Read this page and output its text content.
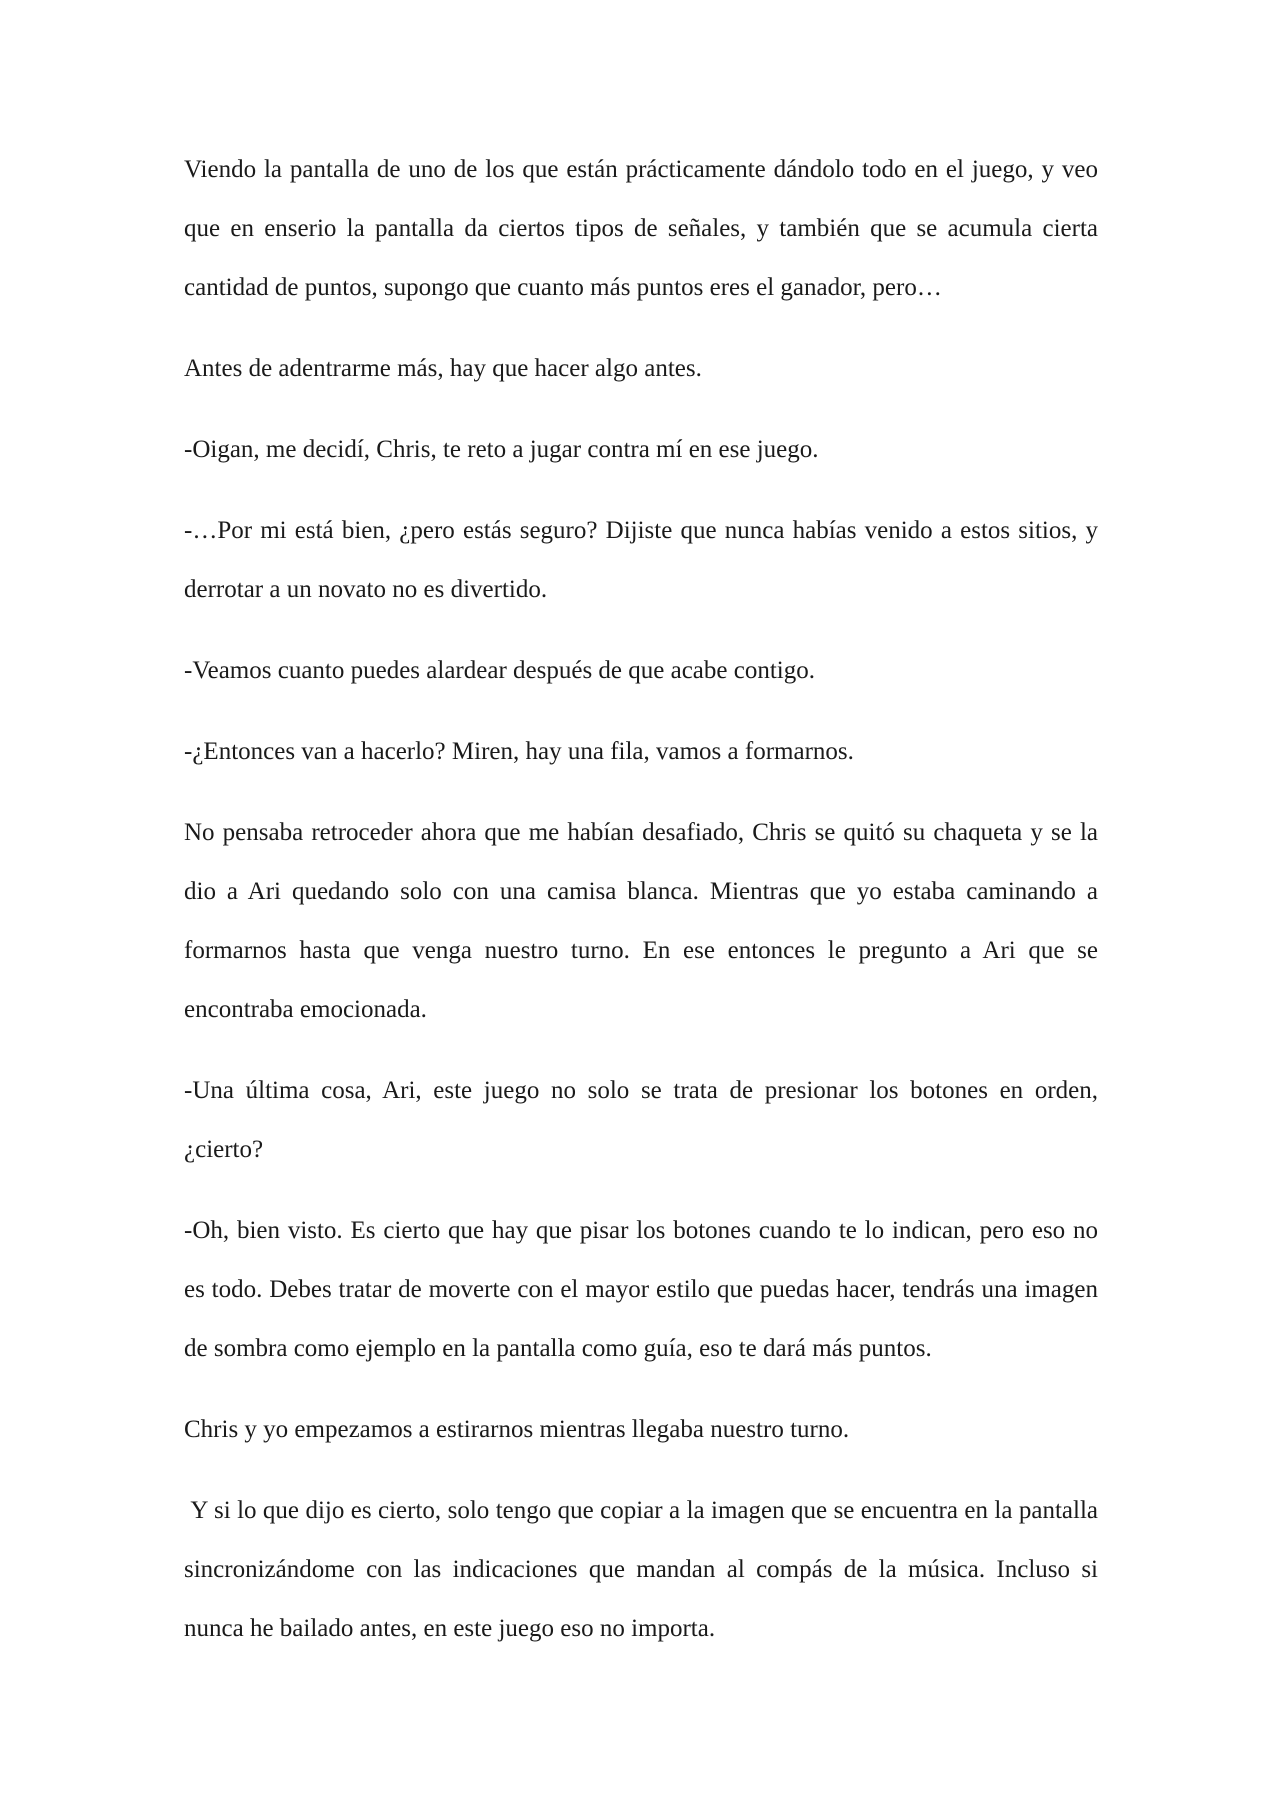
Viendo la pantalla de uno de los que están prácticamente dándolo todo en el juego, y veo que en enserio la pantalla da ciertos tipos de señales, y también que se acumula cierta cantidad de puntos, supongo que cuanto más puntos eres el ganador, pero…

Antes de adentrarme más, hay que hacer algo antes.

-Oigan, me decidí, Chris, te reto a jugar contra mí en ese juego.

-…Por mi está bien, ¿pero estás seguro? Dijiste que nunca habías venido a estos sitios, y derrotar a un novato no es divertido.

-Veamos cuanto puedes alardear después de que acabe contigo.

-¿Entonces van a hacerlo? Miren, hay una fila, vamos a formarnos.

No pensaba retroceder ahora que me habían desafiado, Chris se quitó su chaqueta y se la dio a Ari quedando solo con una camisa blanca. Mientras que yo estaba caminando a formarnos hasta que venga nuestro turno. En ese entonces le pregunto a Ari que se encontraba emocionada.

-Una última cosa, Ari, este juego no solo se trata de presionar los botones en orden, ¿cierto?

-Oh, bien visto. Es cierto que hay que pisar los botones cuando te lo indican, pero eso no es todo. Debes tratar de moverte con el mayor estilo que puedas hacer, tendrás una imagen de sombra como ejemplo en la pantalla como guía, eso te dará más puntos.

Chris y yo empezamos a estirarnos mientras llegaba nuestro turno.

Y si lo que dijo es cierto, solo tengo que copiar a la imagen que se encuentra en la pantalla sincronizándome con las indicaciones que mandan al compás de la música. Incluso si nunca he bailado antes, en este juego eso no importa.
